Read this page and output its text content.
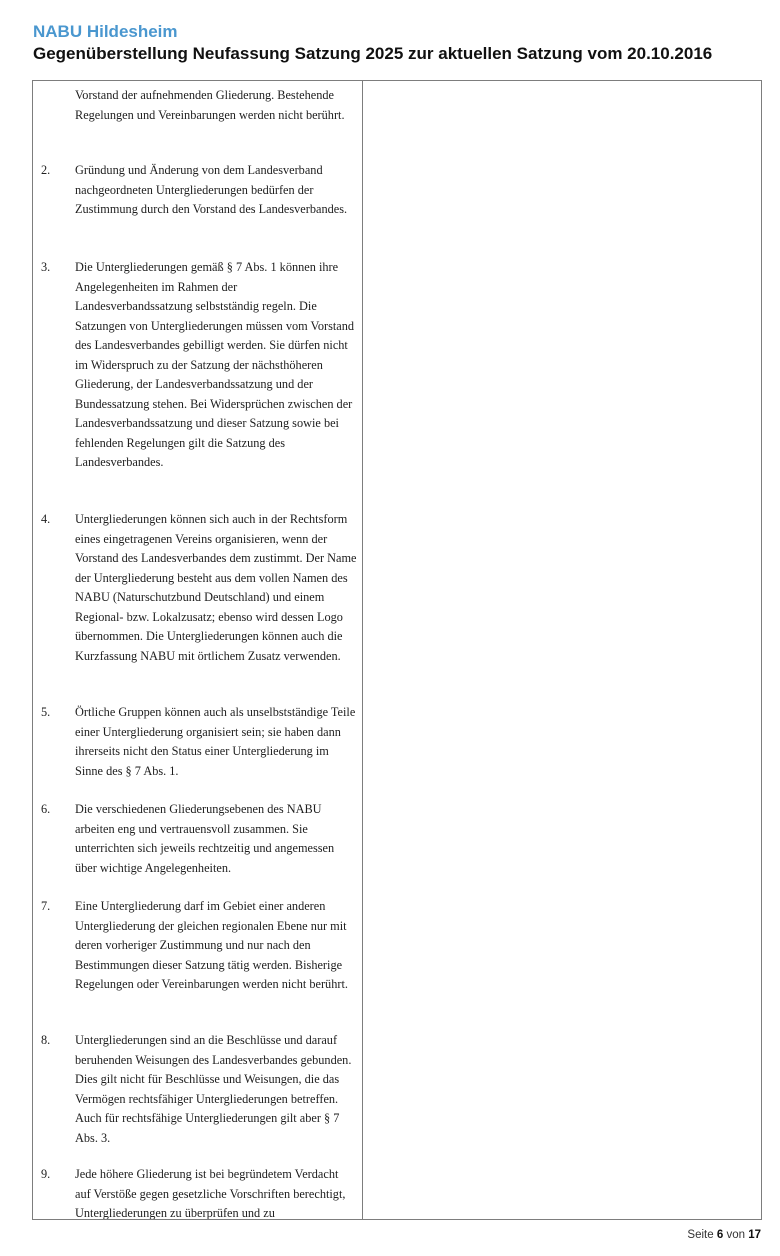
NABU Hildesheim
Gegenüberstellung Neufassung Satzung 2025 zur aktuellen Satzung vom 20.10.2016
Vorstand der aufnehmenden Gliederung. Bestehende Regelungen und Vereinbarungen werden nicht berührt.
2. Gründung und Änderung von dem Landesverband nachgeordneten Untergliederungen bedürfen der Zustimmung durch den Vorstand des Landesverbandes.
3. Die Untergliederungen gemäß § 7 Abs. 1 können ihre Angelegenheiten im Rahmen der Landesverbandssatzung selbstständig regeln. Die Satzungen von Untergliederungen müssen vom Vorstand des Landesverbandes gebilligt werden. Sie dürfen nicht im Widerspruch zu der Satzung der nächsthöheren Gliederung, der Landesverbandssatzung und der Bundessatzung stehen. Bei Widersprüchen zwischen der Landesverbandssatzung und dieser Satzung sowie bei fehlenden Regelungen gilt die Satzung des Landesverbandes.
4. Untergliederungen können sich auch in der Rechtsform eines eingetragenen Vereins organisieren, wenn der Vorstand des Landesverbandes dem zustimmt. Der Name der Untergliederung besteht aus dem vollen Namen des NABU (Naturschutzbund Deutschland) und einem Regional- bzw. Lokalzusatz; ebenso wird dessen Logo übernommen. Die Untergliederungen können auch die Kurzfassung NABU mit örtlichem Zusatz verwenden.
5. Örtliche Gruppen können auch als unselbstständige Teile einer Untergliederung organisiert sein; sie haben dann ihrerseits nicht den Status einer Untergliederung im Sinne des § 7 Abs. 1.
6. Die verschiedenen Gliederungsebenen des NABU arbeiten eng und vertrauensvoll zusammen. Sie unterrichten sich jeweils rechtzeitig und angemessen über wichtige Angelegenheiten.
7. Eine Untergliederung darf im Gebiet einer anderen Untergliederung der gleichen regionalen Ebene nur mit deren vorheriger Zustimmung und nur nach den Bestimmungen dieser Satzung tätig werden. Bisherige Regelungen oder Vereinbarungen werden nicht berührt.
8. Untergliederungen sind an die Beschlüsse und darauf beruhenden Weisungen des Landesverbandes gebunden. Dies gilt nicht für Beschlüsse und Weisungen, die das Vermögen rechtsfähiger Untergliederungen betreffen. Auch für rechtsfähige Untergliederungen gilt aber § 7 Abs. 3.
9. Jede höhere Gliederung ist bei begründetem Verdacht auf Verstöße gegen gesetzliche Vorschriften berechtigt, Untergliederungen zu überprüfen und zu
Seite 6 von 17
